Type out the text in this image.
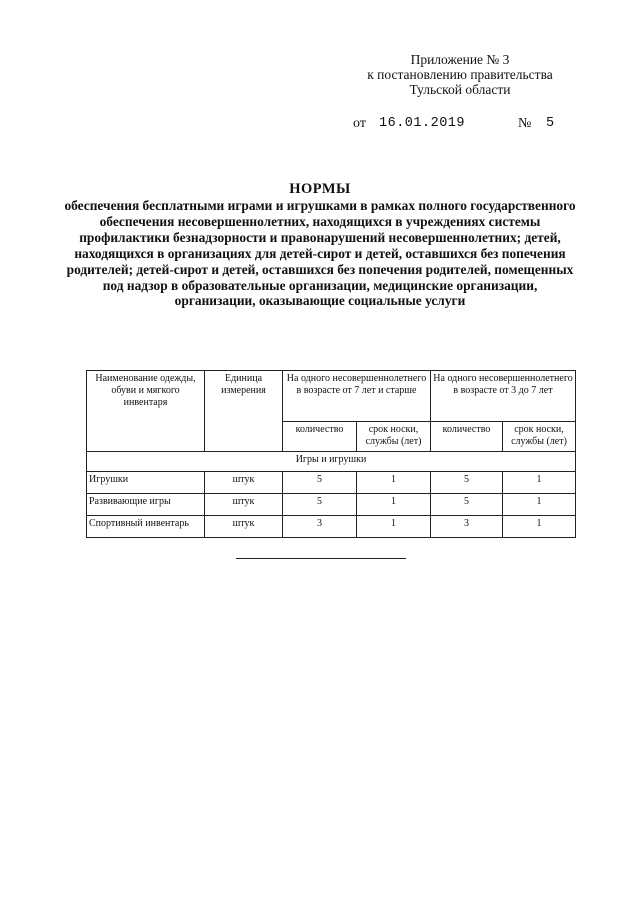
Приложение № 3
к постановлению правительства
Тульской области
от 16.01.2019	№ 5
НОРМЫ
обеспечения бесплатными играми и игрушками в рамках полного государственного обеспечения несовершеннолетних, находящихся в учреждениях системы профилактики безнадзорности и правонарушений несовершеннолетних; детей, находящихся в организациях для детей-сирот и детей, оставшихся без попечения родителей; детей-сирот и детей, оставшихся без попечения родителей, помещенных под надзор в образовательные организации, медицинские организации, организации, оказывающие социальные услуги
Наименование одежды, обуви и мягкого инвентаря	Единица измерения	На одного несовершеннолетнего в возрасте от 7 лет и старше		На одного несовершеннолетнего в возрасте от 3 до 7 лет	
		количество	срок носки, службы (лет)	количество	срок носки, службы (лет)
Игры и игрушки					
Игрушки	штук	5	1	5	1
Развивающие игры	штук	5	1	5	1
Спортивный инвентарь	штук	3	1	3	1
